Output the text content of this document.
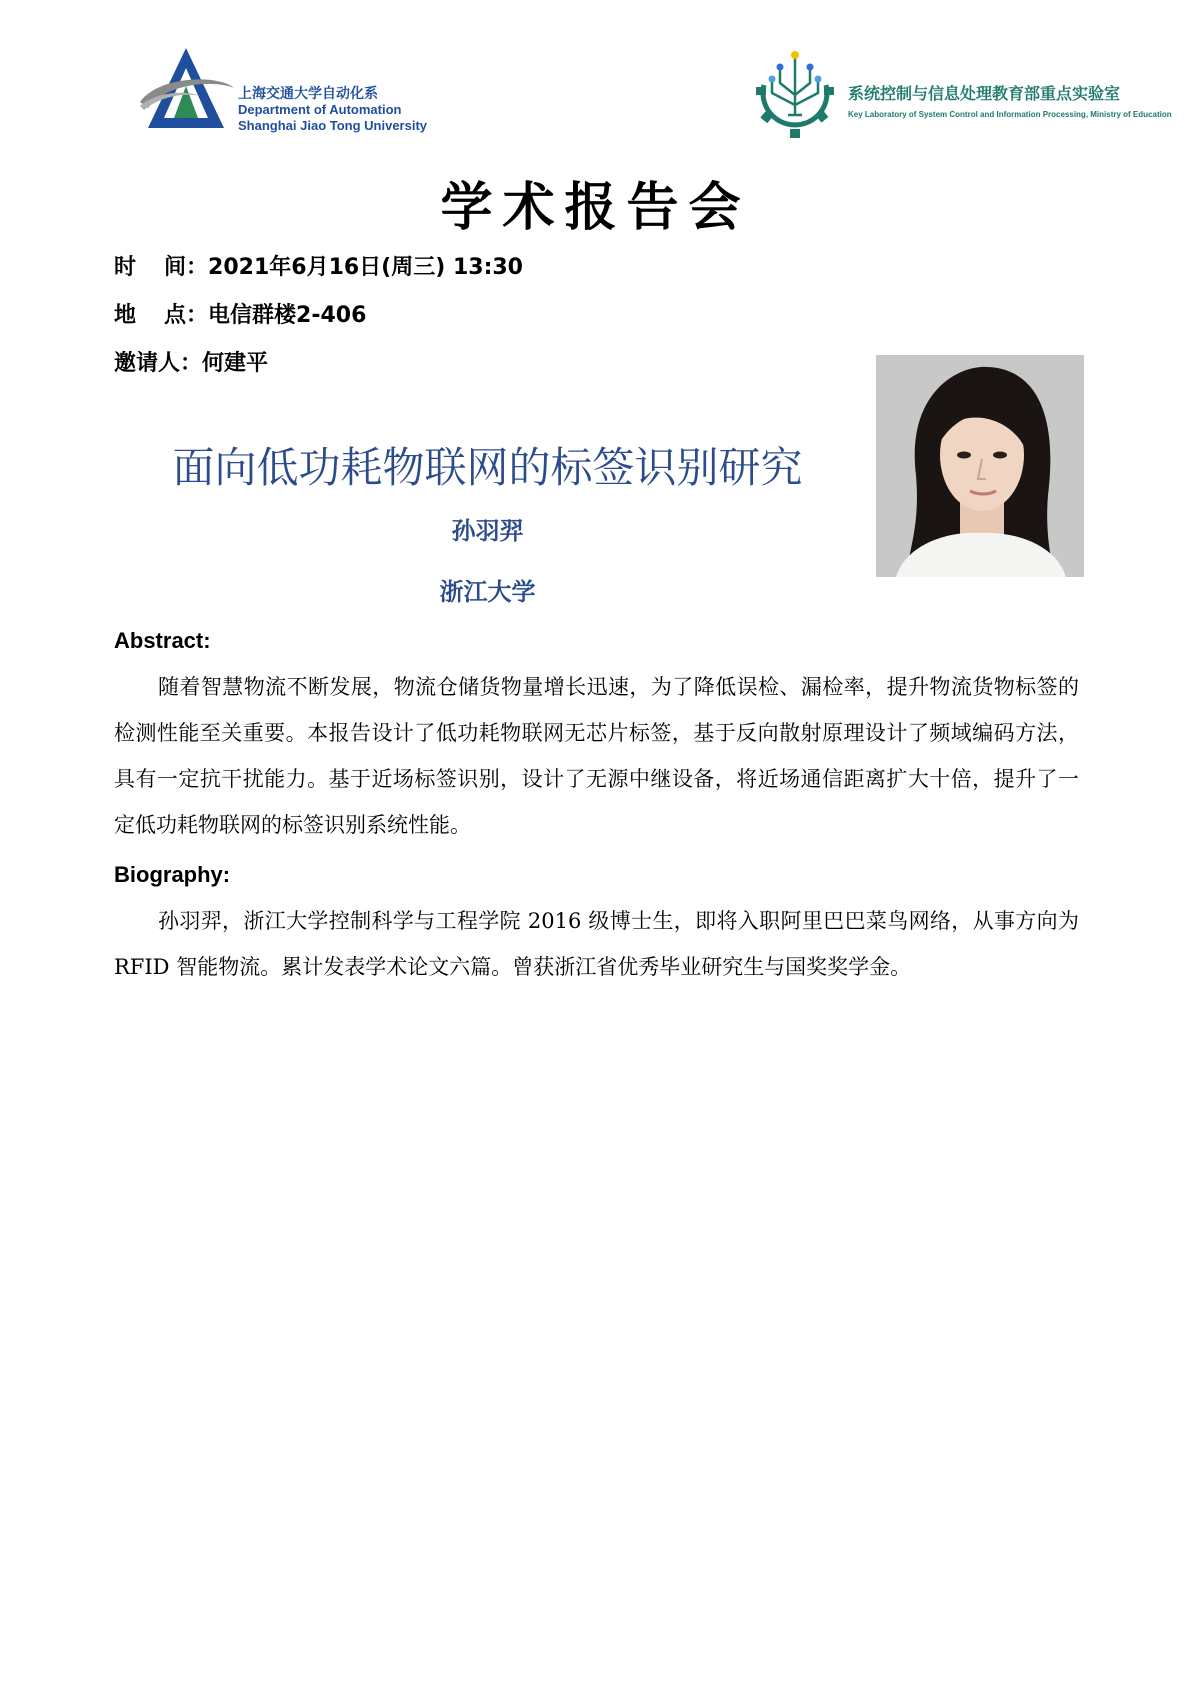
上海交通大学自动化系
Department of Automation
Shanghai Jiao Tong University
系统控制与信息处理教育部重点实验室
Key Laboratory of System Control and Information Processing, Ministry of Education
学术报告会
时 间：2021年6月16日(周三) 13:30
地 点：电信群楼2-406
邀请人：何建平
面向低功耗物联网的标签识别研究
孙羽羿
浙江大学
Abstract:
随着智慧物流不断发展，物流仓储货物量增长迅速，为了降低误检、漏检率，提升物流货物标签的检测性能至关重要。本报告设计了低功耗物联网无芯片标签，基于反向散射原理设计了频域编码方法，具有一定抗干扰能力。基于近场标签识别，设计了无源中继设备，将近场通信距离扩大十倍，提升了一定低功耗物联网的标签识别系统性能。
Biography:
孙羽羿，浙江大学控制科学与工程学院 2016 级博士生，即将入职阿里巴巴菜鸟网络，从事方向为 RFID 智能物流。累计发表学术论文六篇。曾获浙江省优秀毕业研究生与国奖奖学金。
